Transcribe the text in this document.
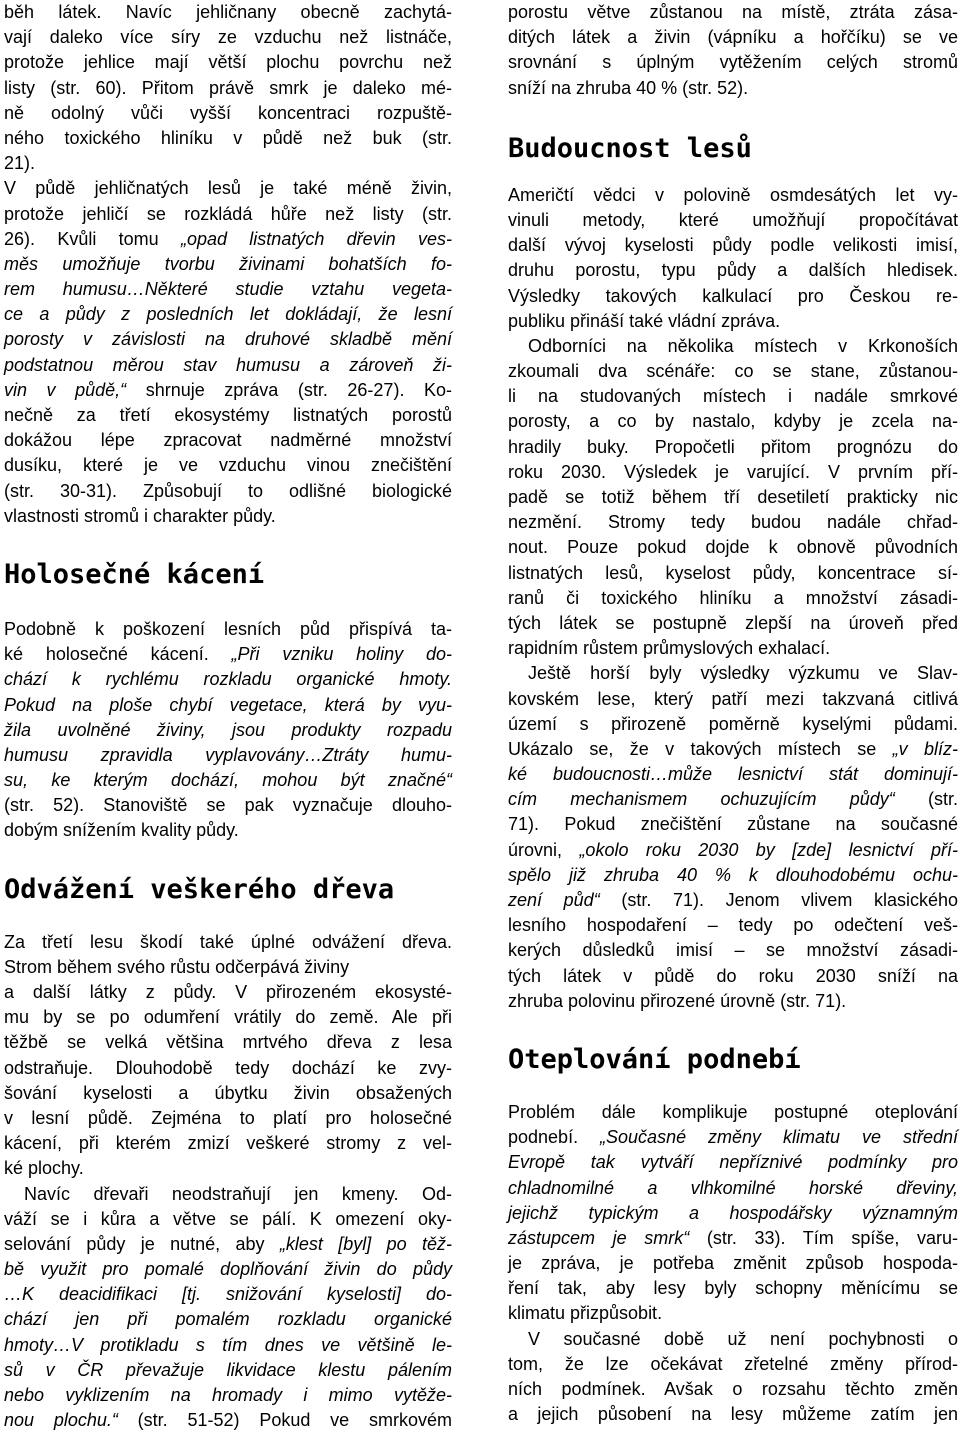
běh látek. Navíc jehličnany obecně zachytá-
vají daleko více síry ze vzduchu než listnáče,
protože jehlice mají větší plochu povrchu než
listy (str. 60). Přitom právě smrk je daleko mé-
ně odolný vůči vyšší koncentraci rozpuště-
ného toxického hliníku v půdě než buk (str.
21).
V půdě jehličnatých lesů je také méně živin,
protože jehličí se rozkládá hůře než listy (str.
26). Kvůli tomu „opad listnatých dřevin ves-
měs umožňuje tvorbu živinami bohatších fo-
rem humusu…Některé studie vztahu vegeta-
ce a půdy z posledních let dokládají, že lesní
porosty v závislosti na druhové skladbě mění
podstatnou měrou stav humusu a zároveň ži-
vin v půdě,“ shrnuje zpráva (str. 26-27). Ko-
nečně za třetí ekosystémy listnatých porostů
dokážou lépe zpracovat nadměrné množství
dusíku, které je ve vzduchu vinou znečištění
(str. 30-31). Způsobují to odlišné biologické
vlastnosti stromů i charakter půdy.
Holosečné kácení
Podobně k poškození lesních půd přispívá ta-
ké holosečné kácení. „Při vzniku holiny do-
chází k rychlému rozkladu organické hmoty.
Pokud na ploše chybí vegetace, která by vyu-
žila uvolněné živiny, jsou produkty rozpadu
humusu zpravidla vyplavovány…Ztráty humu-
su, ke kterým dochází, mohou být značné“
(str. 52). Stanoviště se pak vyznačuje dlouho-
dobým snížením kvality půdy.
Odvážení veškerého dřeva
Za třetí lesu škodí také úplné odvážení dřeva.
Strom během svého růstu odčerpává živiny
a další látky z půdy. V přirozeném ekosysté-
mu by se po odumření vrátily do země. Ale při
těžbě se velká většina mrtvého dřeva z lesa
odstraňuje. Dlouhodobě tedy dochází ke zvy-
šování kyselosti a úbytku živin obsažených
v lesní půdě. Zejména to platí pro holosečné
kácení, při kterém zmizí veškeré stromy z vel-
ké plochy.
Navíc dřevaři neodstraňují jen kmeny. Od-
váží se i kůra a větve se pálí. K omezení oky-
selování půdy je nutné, aby „klest [byl] po těž-
bě využit pro pomalé doplňování živin do půdy
…K deacidifikaci [tj. snižování kyselosti] do-
chází jen při pomalém rozkladu organické
hmoty…V protikladu s tím dnes ve většině le-
sů v ČR převažuje likvidace klestu pálením
nebo vyklizením na hromady i mimo vytěže-
nou plochu.“ (str. 51-52) Pokud ve smrkovém
porostu větve zůstanou na místě, ztráta zása-
ditých látek a živin (vápníku a hořčíku) se ve
srovnání s úplným vytěžením celých stromů
sníží na zhruba 40 % (str. 52).
Budoucnost lesů
Američtí vědci v polovině osmdesátých let vy-
vinuli metody, které umožňují propočítávat
další vývoj kyselosti půdy podle velikosti imisí,
druhu porostu, typu půdy a dalších hledisek.
Výsledky takových kalkulací pro Českou re-
publiku přináší také vládní zpráva.
Odborníci na několika místech v Krkonoších
zkoumali dva scénáře: co se stane, zůstanou-
li na studovaných místech i nadále smrkové
porosty, a co by nastalo, kdyby je zcela na-
hradily buky. Propočetli přitom prognózu do
roku 2030. Výsledek je varující. V prvním pří-
padě se totiž během tří desetiletí prakticky nic
nezmění. Stromy tedy budou nadále chřad-
nout. Pouze pokud dojde k obnově původních
listnatých lesů, kyselost půdy, koncentrace sí-
ranů či toxického hliníku a množství zásadi-
tých látek se postupně zlepší na úroveň před
rapidním růstem průmyslových exhalací.
Ještě horší byly výsledky výzkumu ve Slav-
kovském lese, který patří mezi takzvaná citlivá
území s přirozeně poměrně kyselými půdami.
Ukázalo se, že v takových místech se „v blíz-
ké budoucnosti…může lesnictví stát dominují-
cím mechanismem ochuzujícím půdy“ (str.
71). Pokud znečištění zůstane na současné
úrovni, „okolo roku 2030 by [zde] lesnictví pří-
spělo již zhruba 40 % k dlouhodobému ochu-
zení půd“ (str. 71). Jenom vlivem klasického
lesního hospodaření – tedy po odečtení veš-
kerých důsledků imisí – se množství zásadi-
tých látek v půdě do roku 2030 sníží na
zhruba polovinu přirozené úrovně (str. 71).
Oteplování podnebí
Problém dále komplikuje postupné oteplování
podnebí. „Současné změny klimatu ve střední
Evropě tak vytváří nepříznivé podmínky pro
chladnomilné a vlhkomilné horské dřeviny,
jejichž typickým a hospodářsky významným
zástupcem je smrk“ (str. 33). Tím spíše, varu-
je zpráva, je potřeba změnit způsob hospoda-
ření tak, aby lesy byly schopny měnícímu se
klimatu přizpůsobit.
V současné době už není pochybnosti o
tom, že lze očekávat zřetelné změny přírod-
ních podmínek. Avšak o rozsahu těchto změn
a jejich působení na lesy můžeme zatím jen
